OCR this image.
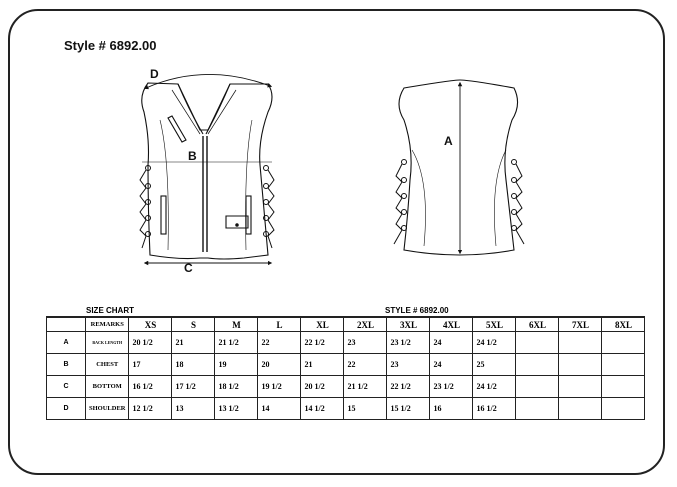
Style # 6892.00
D
B
C
A
SIZE CHART	STYLE # 6892.00
	REMARKS	XS	S	M	L	XL	2XL	3XL	4XL	5XL	6XL	7XL	8XL
A	BACK LENGTH	20 1/2	21	21 1/2	22	22 1/2	23	23 1/2	24	24 1/2			
B	CHEST	17	18	19	20	21	22	23	24	25			
C	BOTTOM	16 1/2	17 1/2	18 1/2	19 1/2	20 1/2	21 1/2	22 1/2	23 1/2	24 1/2			
D	SHOULDER	12 1/2	13	13 1/2	14	14 1/2	15	15 1/2	16	16 1/2			
